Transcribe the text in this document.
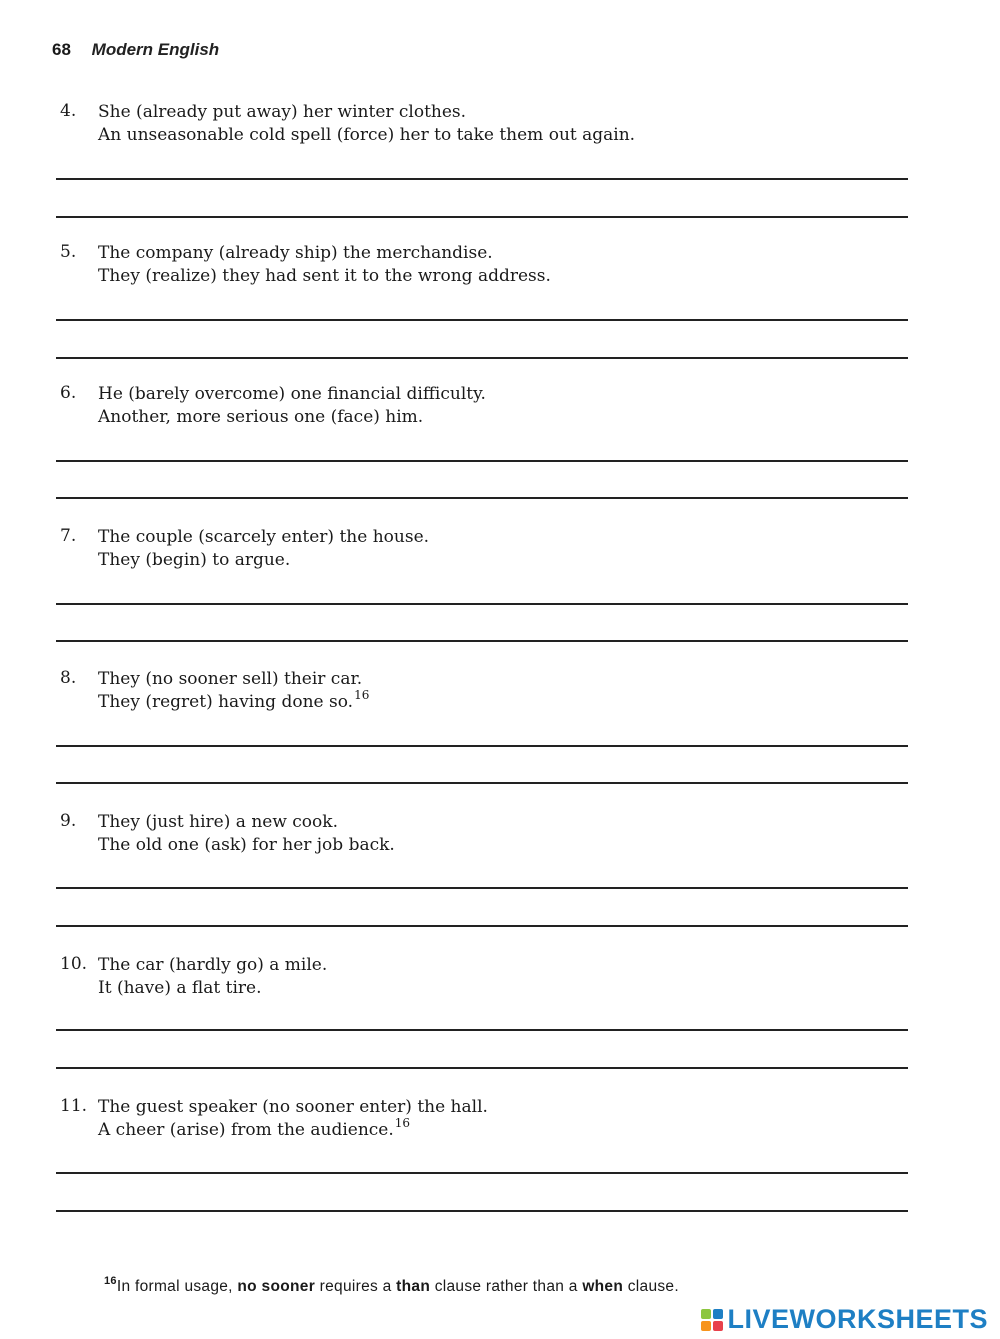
68 Modern English
4.	She (already put away) her winter clothes.
An unseasonable cold spell (force) her to take them out again.
5.	The company (already ship) the merchandise.
They (realize) they had sent it to the wrong address.
6.	He (barely overcome) one financial difficulty.
Another, more serious one (face) him.
7.	The couple (scarcely enter) the house.
They (begin) to argue.
8.	They (no sooner sell) their car.
They (regret) having done so.$^{16}$
9.	They (just hire) a new cook.
The old one (ask) for her job back.
10. The car (hardly go) a mile.
It (have) a flat tire.
11. The guest speaker (no sooner enter) the hall.
A cheer (arise) from the audience.$^{16}$
$^{16}$In formal usage, no sooner requires a than clause rather than a when clause.
LIVEWORKSHEETS
